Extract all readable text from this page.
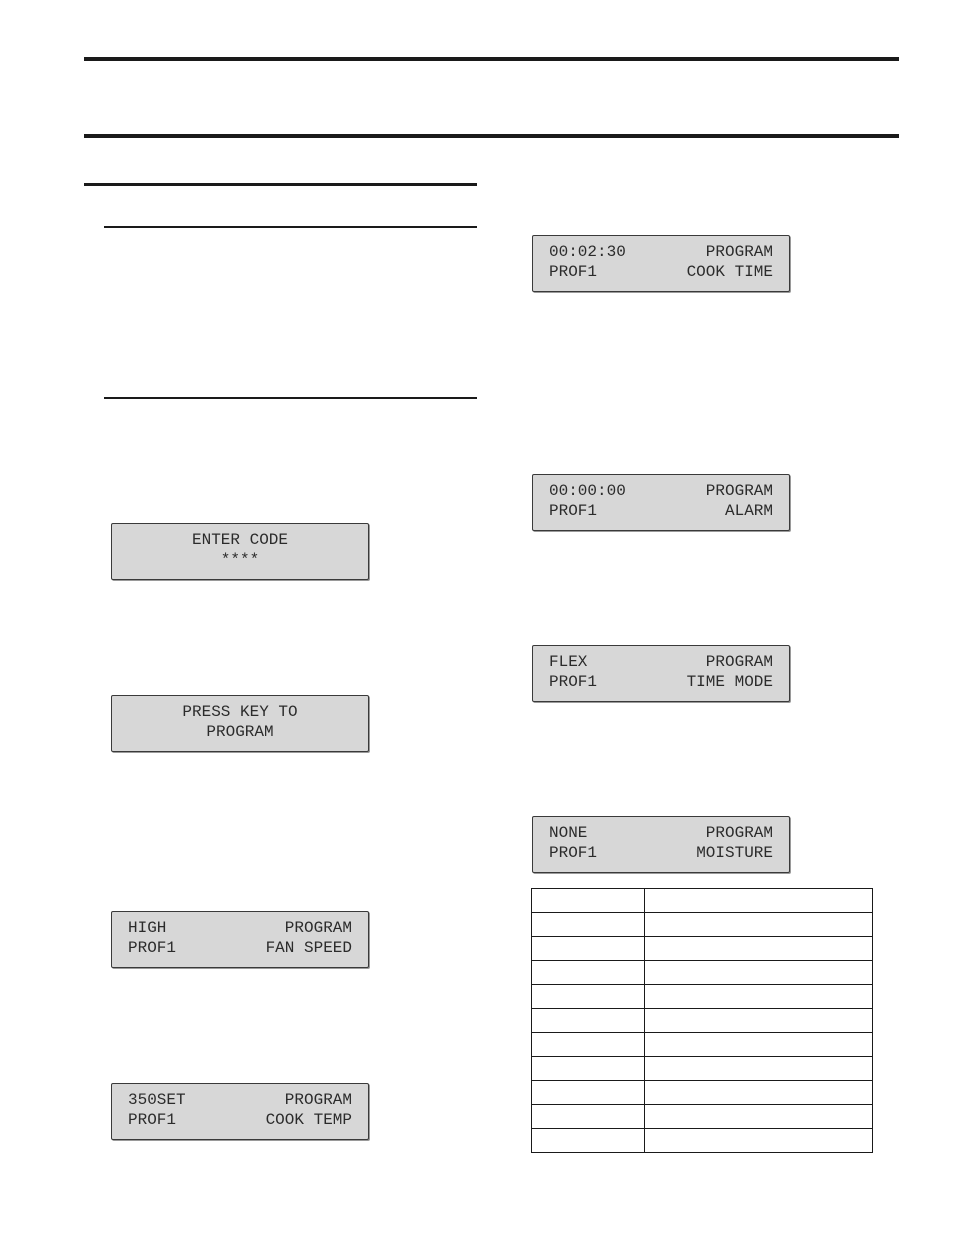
ENTER CODE
****
PRESS KEY TO
PROGRAM
HIGH	PROGRAM
PROF1	FAN SPEED
350SET	PROGRAM
PROF1	COOK TEMP
00:02:30	PROGRAM
PROF1	COOK TIME
00:00:00	PROGRAM
PROF1	ALARM
FLEX	PROGRAM
PROF1	TIME MODE
NONE	PROGRAM
PROF1	MOISTURE
